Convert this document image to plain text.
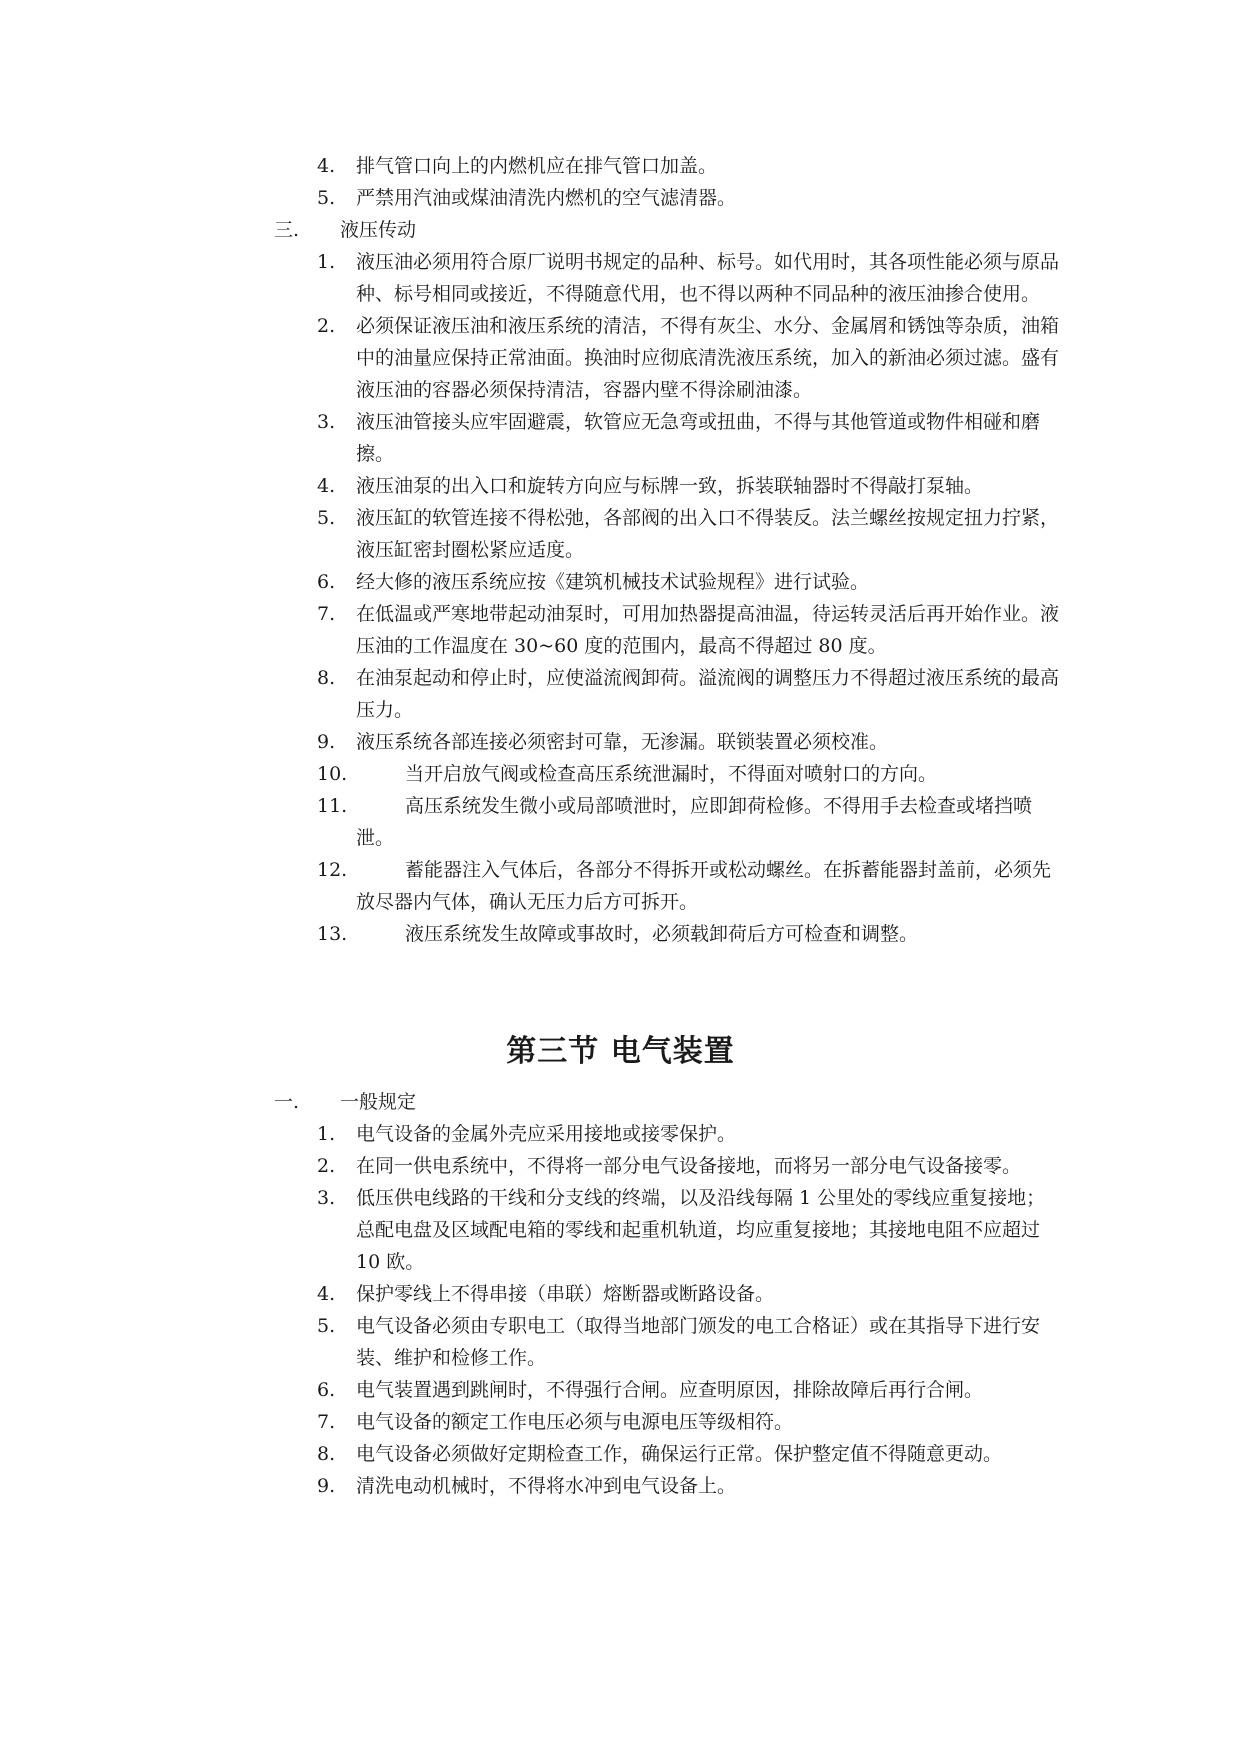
4. 排气管口向上的内燃机应在排气管口加盖。
5. 严禁用汽油或煤油清洗内燃机的空气滤清器。
三. 液压传动
1. 液压油必须用符合原厂说明书规定的品种、标号。如代用时，其各项性能必须与原品种、标号相同或接近，不得随意代用，也不得以两种不同品种的液压油掺合使用。
2. 必须保证液压油和液压系统的清洁，不得有灰尘、水分、金属屑和锈蚀等杂质，油箱中的油量应保持正常油面。换油时应彻底清洗液压系统，加入的新油必须过滤。盛有液压油的容器必须保持清洁，容器内壁不得涂刷油漆。
3. 液压油管接头应牢固避震，软管应无急弯或扭曲，不得与其他管道或物件相碰和磨擦。
4. 液压油泵的出入口和旋转方向应与标牌一致，拆装联轴器时不得敲打泵轴。
5. 液压缸的软管连接不得松弛，各部阀的出入口不得装反。法兰螺丝按规定扭力拧紧，液压缸密封圈松紧应适度。
6. 经大修的液压系统应按《建筑机械技术试验规程》进行试验。
7. 在低温或严寒地带起动油泵时，可用加热器提高油温，待运转灵活后再开始作业。液压油的工作温度在 30~60 度的范围内，最高不得超过 80 度。
8. 在油泵起动和停止时，应使溢流阀卸荷。溢流阀的调整压力不得超过液压系统的最高压力。
9. 液压系统各部连接必须密封可靠，无渗漏。联锁装置必须校准。
10.	当开启放气阀或检查高压系统泄漏时，不得面对喷射口的方向。
11.	高压系统发生微小或局部喷泄时，应即卸荷检修。不得用手去检查或堵挡喷泄。
12.	蓄能器注入气体后，各部分不得拆开或松动螺丝。在拆蓄能器封盖前，必须先放尽器内气体，确认无压力后方可拆开。
13.	液压系统发生故障或事故时，必须载卸荷后方可检查和调整。
第三节 电气装置
一. 一般规定
1. 电气设备的金属外壳应采用接地或接零保护。
2. 在同一供电系统中，不得将一部分电气设备接地，而将另一部分电气设备接零。
3. 低压供电线路的干线和分支线的终端，以及沿线每隔 1 公里处的零线应重复接地；总配电盘及区域配电箱的零线和起重机轨道，均应重复接地；其接地电阻不应超过 10 欧。
4. 保护零线上不得串接（串联）熔断器或断路设备。
5. 电气设备必须由专职电工（取得当地部门颁发的电工合格证）或在其指导下进行安装、维护和检修工作。
6. 电气装置遇到跳闸时，不得强行合闸。应查明原因，排除故障后再行合闸。
7. 电气设备的额定工作电压必须与电源电压等级相符。
8. 电气设备必须做好定期检查工作，确保运行正常。保护整定值不得随意更动。
9. 清洗电动机械时，不得将水冲到电气设备上。
